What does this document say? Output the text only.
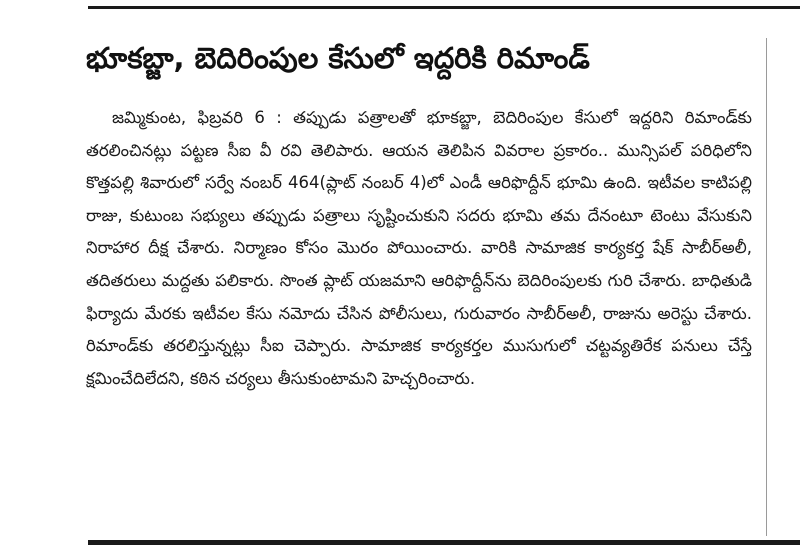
భూకబ్జా, బెదిరింపుల కేసులో ఇద్దరికి రిమాండ్

జమ్మికుంట, ఫిబ్రవరి 6 : తప్పుడు పత్రాలతో భూకబ్జా, బెదిరింపుల కేసులో ఇద్దరిని రిమాండ్‌కు తరలించినట్లు పట్టణ సీఐ వీ రవి తెలిపారు. ఆయన తెలిపిన వివరాల ప్రకారం.. మున్సిపల్ పరిధిలోని కొత్తపల్లి శివారులో సర్వే నంబర్ 464(ప్లాట్ నంబర్ 4)లో ఎండీ ఆరిఫొద్దీన్ భూమి ఉంది. ఇటీవల కాటిపల్లి రాజు, కుటుంబ సభ్యులు తప్పుడు పత్రాలు సృష్టించుకుని సదరు భూమి తమ దేనంటూ టెంటు వేసుకుని నిరాహార దీక్ష చేశారు. నిర్మాణం కోసం మొరం పోయించారు. వారికి సామాజిక కార్యకర్త షేక్ సాబీర్‌అలీ, తదితరులు మద్దతు పలికారు. సొంత ప్లాట్ యజమాని ఆరిఫొద్దీన్‌ను బెదిరింపులకు గురి చేశారు. బాధితుడి ఫిర్యాదు మేరకు ఇటీవల కేసు నమోదు చేసిన పోలీసులు, గురువారం సాబీర్‌అలీ, రాజును అరెస్టు చేశారు. రిమాండ్‌కు తరలిస్తున్నట్లు సీఐ చెప్పారు. సామాజిక కార్యకర్తల ముసుగులో చట్టవ్యతిరేక పనులు చేస్తే క్షమించేదిలేదని, కఠిన చర్యలు తీసుకుంటామని హెచ్చరించారు.
